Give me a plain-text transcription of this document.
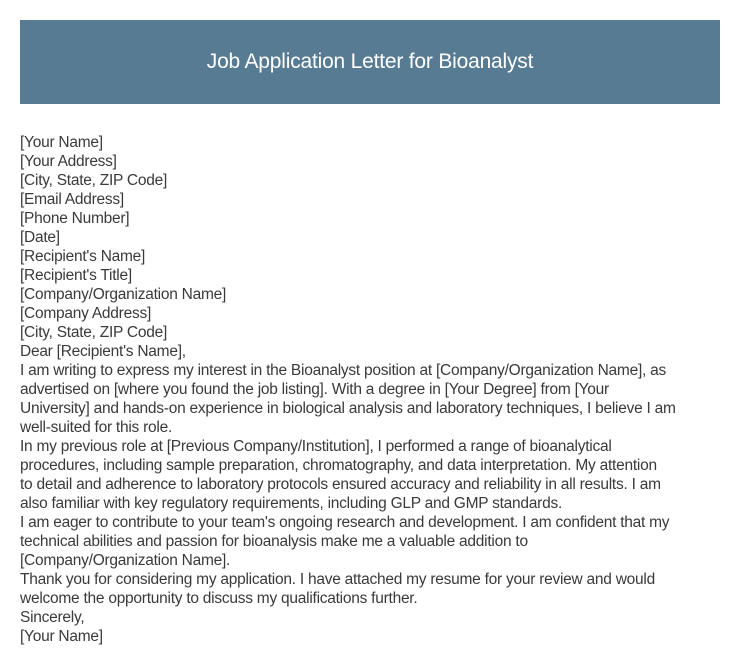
Job Application Letter for Bioanalyst
[Your Name]
[Your Address]
[City, State, ZIP Code]
[Email Address]
[Phone Number]
[Date]
[Recipient's Name]
[Recipient's Title]
[Company/Organization Name]
[Company Address]
[City, State, ZIP Code]
Dear [Recipient's Name],
I am writing to express my interest in the Bioanalyst position at [Company/Organization Name], as
advertised on [where you found the job listing]. With a degree in [Your Degree] from [Your
University] and hands-on experience in biological analysis and laboratory techniques, I believe I am
well-suited for this role.
In my previous role at [Previous Company/Institution], I performed a range of bioanalytical
procedures, including sample preparation, chromatography, and data interpretation. My attention
to detail and adherence to laboratory protocols ensured accuracy and reliability in all results. I am
also familiar with key regulatory requirements, including GLP and GMP standards.
I am eager to contribute to your team's ongoing research and development. I am confident that my
technical abilities and passion for bioanalysis make me a valuable addition to
[Company/Organization Name].
Thank you for considering my application. I have attached my resume for your review and would
welcome the opportunity to discuss my qualifications further.
Sincerely,
[Your Name]
